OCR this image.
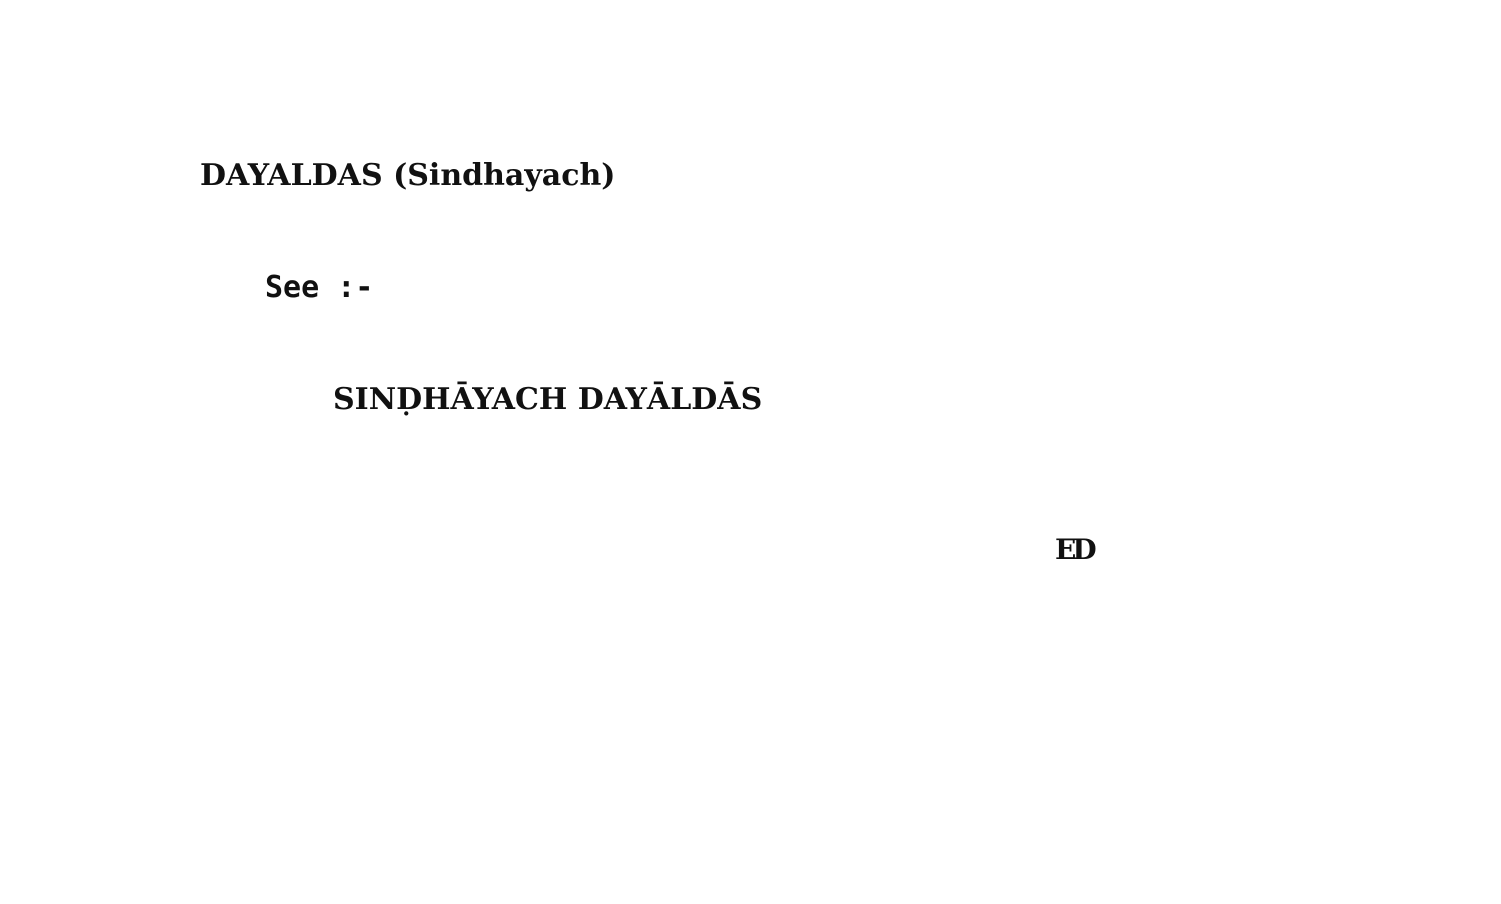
DAYALDAS (Sindhayach)
See :-
SINḌHĀYACH DAYĀLDĀS
ED
